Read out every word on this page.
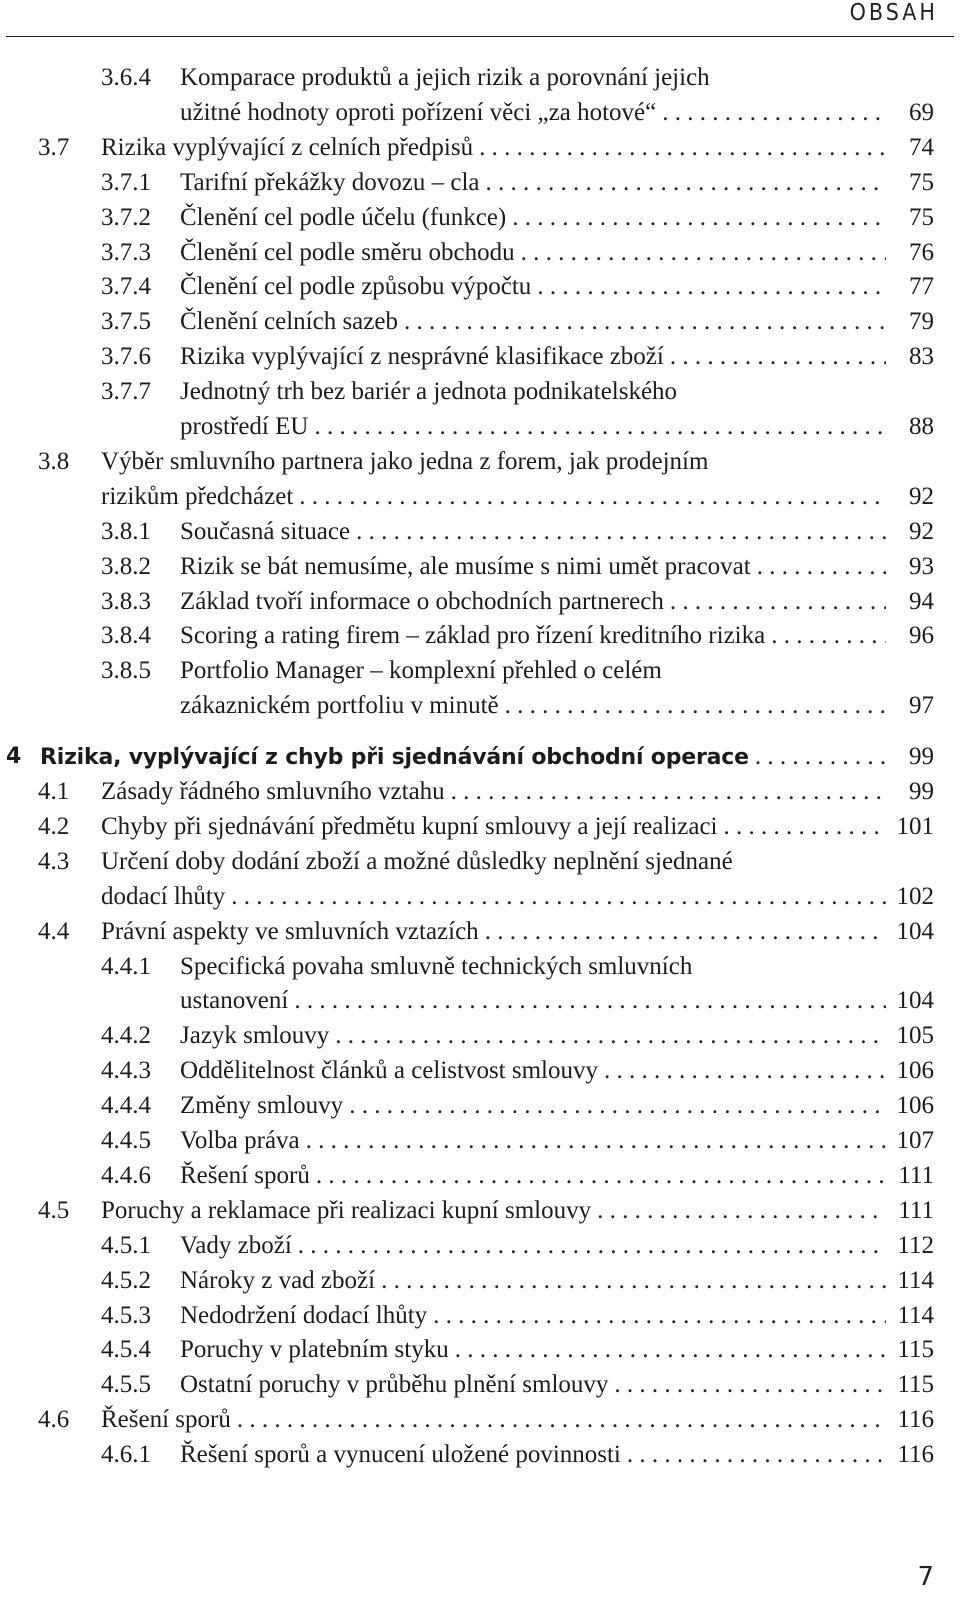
OBSAH
3.6.4 Komparace produktů a jejich rizik a porovnání jejich
užitné hodnoty oproti pořízení věci „za hotové“ . . .	69
3.7 Rizika vyplývající z celních předpisů . . .	74
3.7.1 Tarifní překážky dovozu – cla . . .	75
3.7.2 Členění cel podle účelu (funkce) . . .	75
3.7.3 Členění cel podle směru obchodu . . .	76
3.7.4 Členění cel podle způsobu výpočtu . . .	77
3.7.5 Členění celních sazeb . . .	79
3.7.6 Rizika vyplývající z nesprávné klasifikace zboží . . .	83
3.7.7 Jednotný trh bez bariér a jednota podnikatelského
prostředí EU . . .	88
3.8 Výběr smluvního partnera jako jedna z forem, jak prodejním
rizikům předcházet . . .	92
3.8.1 Současná situace . . .	92
3.8.2 Rizik se bát nemusíme, ale musíme s nimi umět pracovat . . .	93
3.8.3 Základ tvoří informace o obchodních partnerech . . .	94
3.8.4 Scoring a rating firem – základ pro řízení kreditního rizika . . .	96
3.8.5 Portfolio Manager – komplexní přehled o celém
zákaznickém portfoliu v minutě . . .	97
4 Rizika, vyplývající z chyb při sjednávání obchodní operace . . .	99
4.1 Zásady řádného smluvního vztahu . . .	99
4.2 Chyby při sjednávání předmětu kupní smlouvy a její realizaci . . .	101
4.3 Určení doby dodání zboží a možné důsledky neplnění sjednané
dodací lhůty . . .	102
4.4 Právní aspekty ve smluvních vztazích . . .	104
4.4.1 Specifická povaha smluvně technických smluvních
ustanovení . . .	104
4.4.2 Jazyk smlouvy . . .	105
4.4.3 Oddělitelnost článků a celistvost smlouvy . . .	106
4.4.4 Změny smlouvy . . .	106
4.4.5 Volba práva . . .	107
4.4.6 Řešení sporů . . .	111
4.5 Poruchy a reklamace při realizaci kupní smlouvy . . .	111
4.5.1 Vady zboží . . .	112
4.5.2 Nároky z vad zboží . . .	114
4.5.3 Nedodržení dodací lhůty . . .	114
4.5.4 Poruchy v platebním styku . . .	115
4.5.5 Ostatní poruchy v průběhu plnění smlouvy . . .	115
4.6 Řešení sporů . . .	116
4.6.1 Řešení sporů a vynucení uložené povinnosti . . .	116
7
